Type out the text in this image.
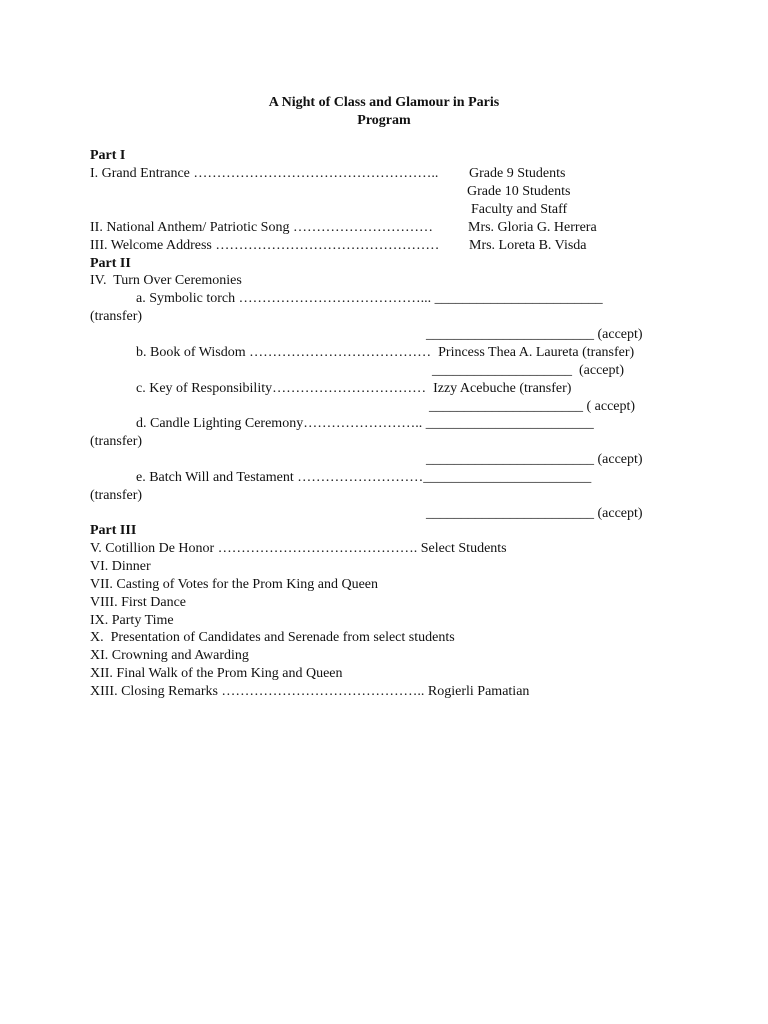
A Night of Class and Glamour in Paris
Program
Part I
I. Grand Entrance …………………………………………….. Grade 9 Students
Grade 10 Students
Faculty and Staff
II. National Anthem/ Patriotic Song …………………………	Mrs. Gloria G. Herrera
III. Welcome Address ………………………………………… Mrs. Loreta B. Visda
Part II
IV.  Turn Over Ceremonies
a. Symbolic torch …………………………………... ________________________
(transfer)
________________________ (accept)
b. Book of Wisdom …………………………………  Princess Thea A. Laureta (transfer)
____________________  (accept)
c. Key of Responsibility……………………………  Izzy Acebuche (transfer)
______________________ ( accept)
d. Candle Lighting Ceremony…………………….. ________________________
(transfer)
________________________ (accept)
e. Batch Will and Testament ………………………________________________
(transfer)
________________________ (accept)
Part III
V. Cotillion De Honor ……………………………………. Select Students
VI. Dinner
VII. Casting of Votes for the Prom King and Queen
VIII. First Dance
IX. Party Time
X.  Presentation of Candidates and Serenade from select students
XI. Crowning and Awarding
XII. Final Walk of the Prom King and Queen
XIII. Closing Remarks …………………………………….. Rogierli Pamatian
